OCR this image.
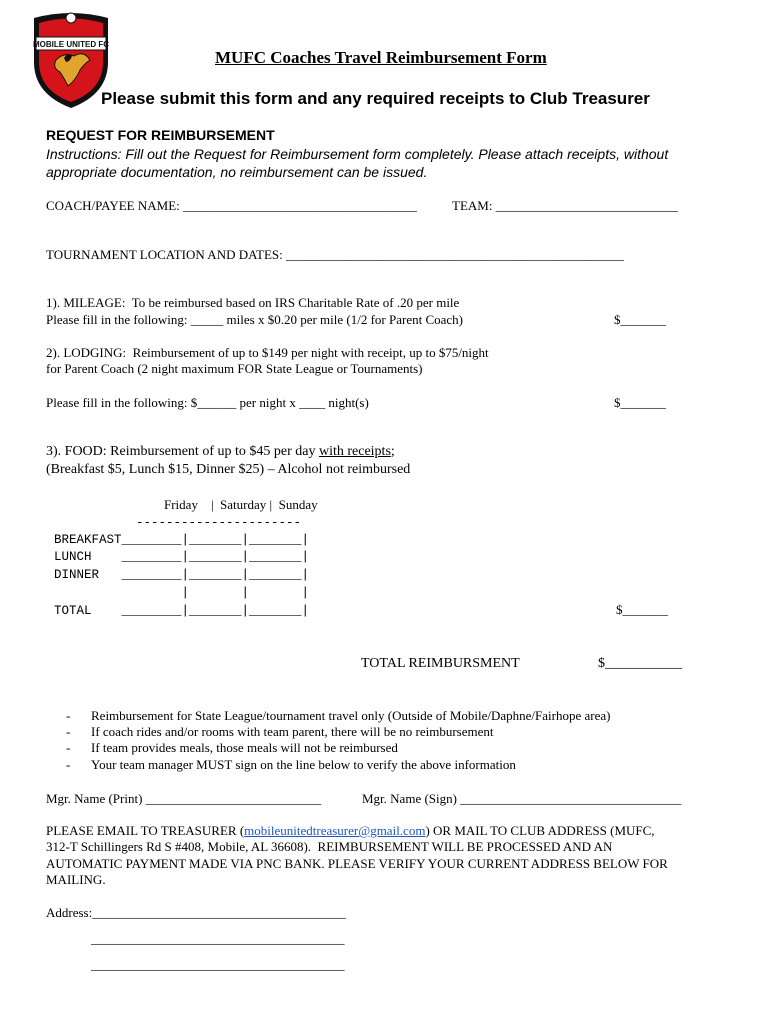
MOBILE UNITED FC
MUFC Coaches Travel Reimbursement Form
Please submit this form and any required receipts to Club Treasurer
REQUEST FOR REIMBURSEMENT
Instructions: Fill out the Request for Reimbursement form completely. Please attach receipts, without appropriate documentation, no reimbursement can be issued.
COACH/PAYEE NAME: ____________________________________	TEAM: ____________________________
TOURNAMENT LOCATION AND DATES: ____________________________________________________
1). MILEAGE:  To be reimbursed based on IRS Charitable Rate of .20 per mile
Please fill in the following: _____ miles x $0.20 per mile (1/2 for Parent Coach)	$_______
2). LODGING:  Reimbursement of up to $149 per night with receipt, up to $75/night
for Parent Coach (2 night maximum FOR State League or Tournaments)
Please fill in the following: $______ per night x ____ night(s)	$_______
3). FOOD: Reimbursement of up to $45 per day with receipts;
(Breakfast $5, Lunch $15, Dinner $25) – Alcohol not reimbursed
Friday    |  Saturday |  Sunday
----------------------
BREAKFAST________|_______|_______|
LUNCH    ________|_______|_______|
DINNER   ________|_______|_______|
|       |       |
TOTAL    ________|_______|_______|	$_______
TOTAL REIMBURSMENT	$___________
- Reimbursement for State League/tournament travel only (Outside of Mobile/Daphne/Fairhope area)
- If coach rides and/or rooms with team parent, there will be no reimbursement
- If team provides meals, those meals will not be reimbursed
- Your team manager MUST sign on the line below to verify the above information
Mgr. Name (Print) ___________________________	Mgr. Name (Sign) __________________________________
PLEASE EMAIL TO TREASURER (mobileunitedtreasurer@gmail.com) OR MAIL TO CLUB ADDRESS (MUFC,
312-T Schillingers Rd S #408, Mobile, AL 36608).  REIMBURSEMENT WILL BE PROCESSED AND AN
AUTOMATIC PAYMENT MADE VIA PNC BANK. PLEASE VERIFY YOUR CURRENT ADDRESS BELOW FOR
MAILING.
Address:_______________________________________
_______________________________________
_______________________________________
